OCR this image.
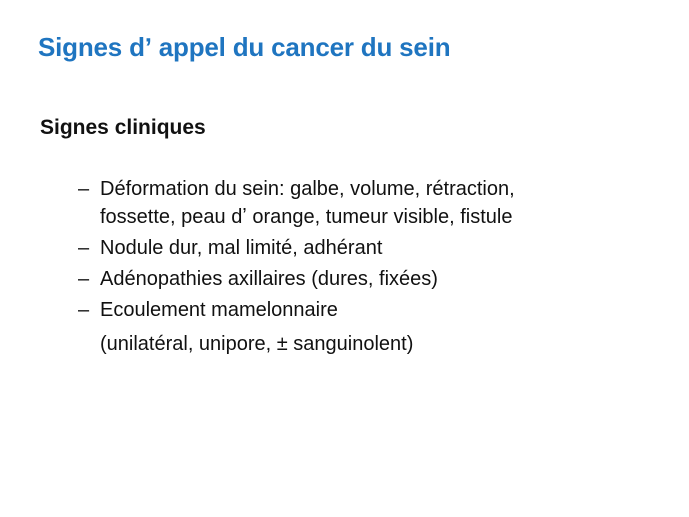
Signes dʼ appel du cancer du sein
Signes cliniques
– Déformation du sein: galbe, volume, rétraction,
fossette, peau dʼ orange, tumeur visible, fistule
– Nodule dur, mal limité, adhérant
– Adénopathies axillaires (dures, fixées)
– Ecoulement mamelonnaire
(unilatéral, unipore, ± sanguinolent)
